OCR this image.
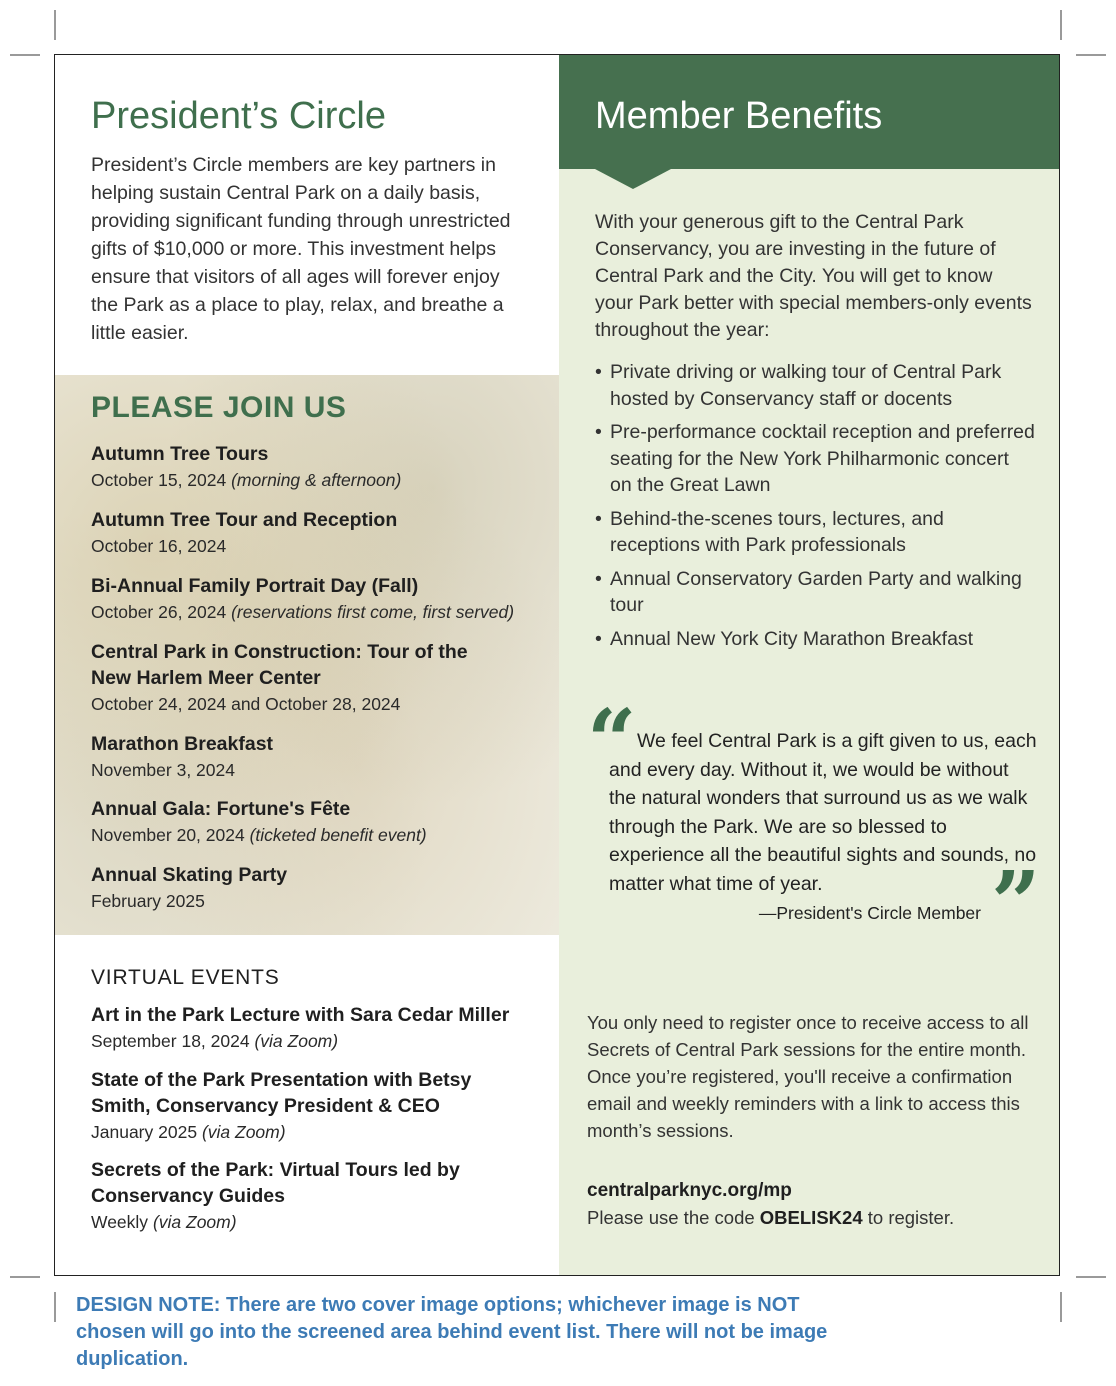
President’s Circle
President’s Circle members are key partners in helping sustain Central Park on a daily basis, providing significant funding through unrestricted gifts of $10,000 or more. This investment helps ensure that visitors of all ages will forever enjoy the Park as a place to play, relax, and breathe a little easier.
PLEASE JOIN US
Autumn Tree Tours
October 15, 2024 (morning & afternoon)
Autumn Tree Tour and Reception
October 16, 2024
Bi-Annual Family Portrait Day (Fall)
October 26, 2024 (reservations first come, first served)
Central Park in Construction: Tour of the New Harlem Meer Center
October 24, 2024 and October 28, 2024
Marathon Breakfast
November 3, 2024
Annual Gala: Fortune's Fête
November 20, 2024 (ticketed benefit event)
Annual Skating Party
February 2025
VIRTUAL EVENTS
Art in the Park Lecture with Sara Cedar Miller
September 18, 2024 (via Zoom)
State of the Park Presentation with Betsy Smith, Conservancy President & CEO
January 2025 (via Zoom)
Secrets of the Park: Virtual Tours led by Conservancy Guides
Weekly (via Zoom)
Member Benefits
With your generous gift to the Central Park Conservancy, you are investing in the future of Central Park and the City. You will get to know your Park better with special members-only events throughout the year:
• Private driving or walking tour of Central Park hosted by Conservancy staff or docents
• Pre-performance cocktail reception and preferred seating for the New York Philharmonic concert on the Great Lawn
• Behind-the-scenes tours, lectures, and receptions with Park professionals
• Annual Conservatory Garden Party and walking tour
• Annual New York City Marathon Breakfast
“ We feel Central Park is a gift given to us, each and every day. Without it, we would be without the natural wonders that surround us as we walk through the Park. We are so blessed to experience all the beautiful sights and sounds, no matter what time of year.	”
—President's Circle Member
You only need to register once to receive access to all Secrets of Central Park sessions for the entire month. Once you’re registered, you'll receive a confirmation email and weekly reminders with a link to access this month’s sessions.
centralparknyc.org/mp
Please use the code OBELISK24 to register.
DESIGN NOTE: There are two cover image options; whichever image is NOT chosen will go into the screened area behind event list. There will not be image duplication.
